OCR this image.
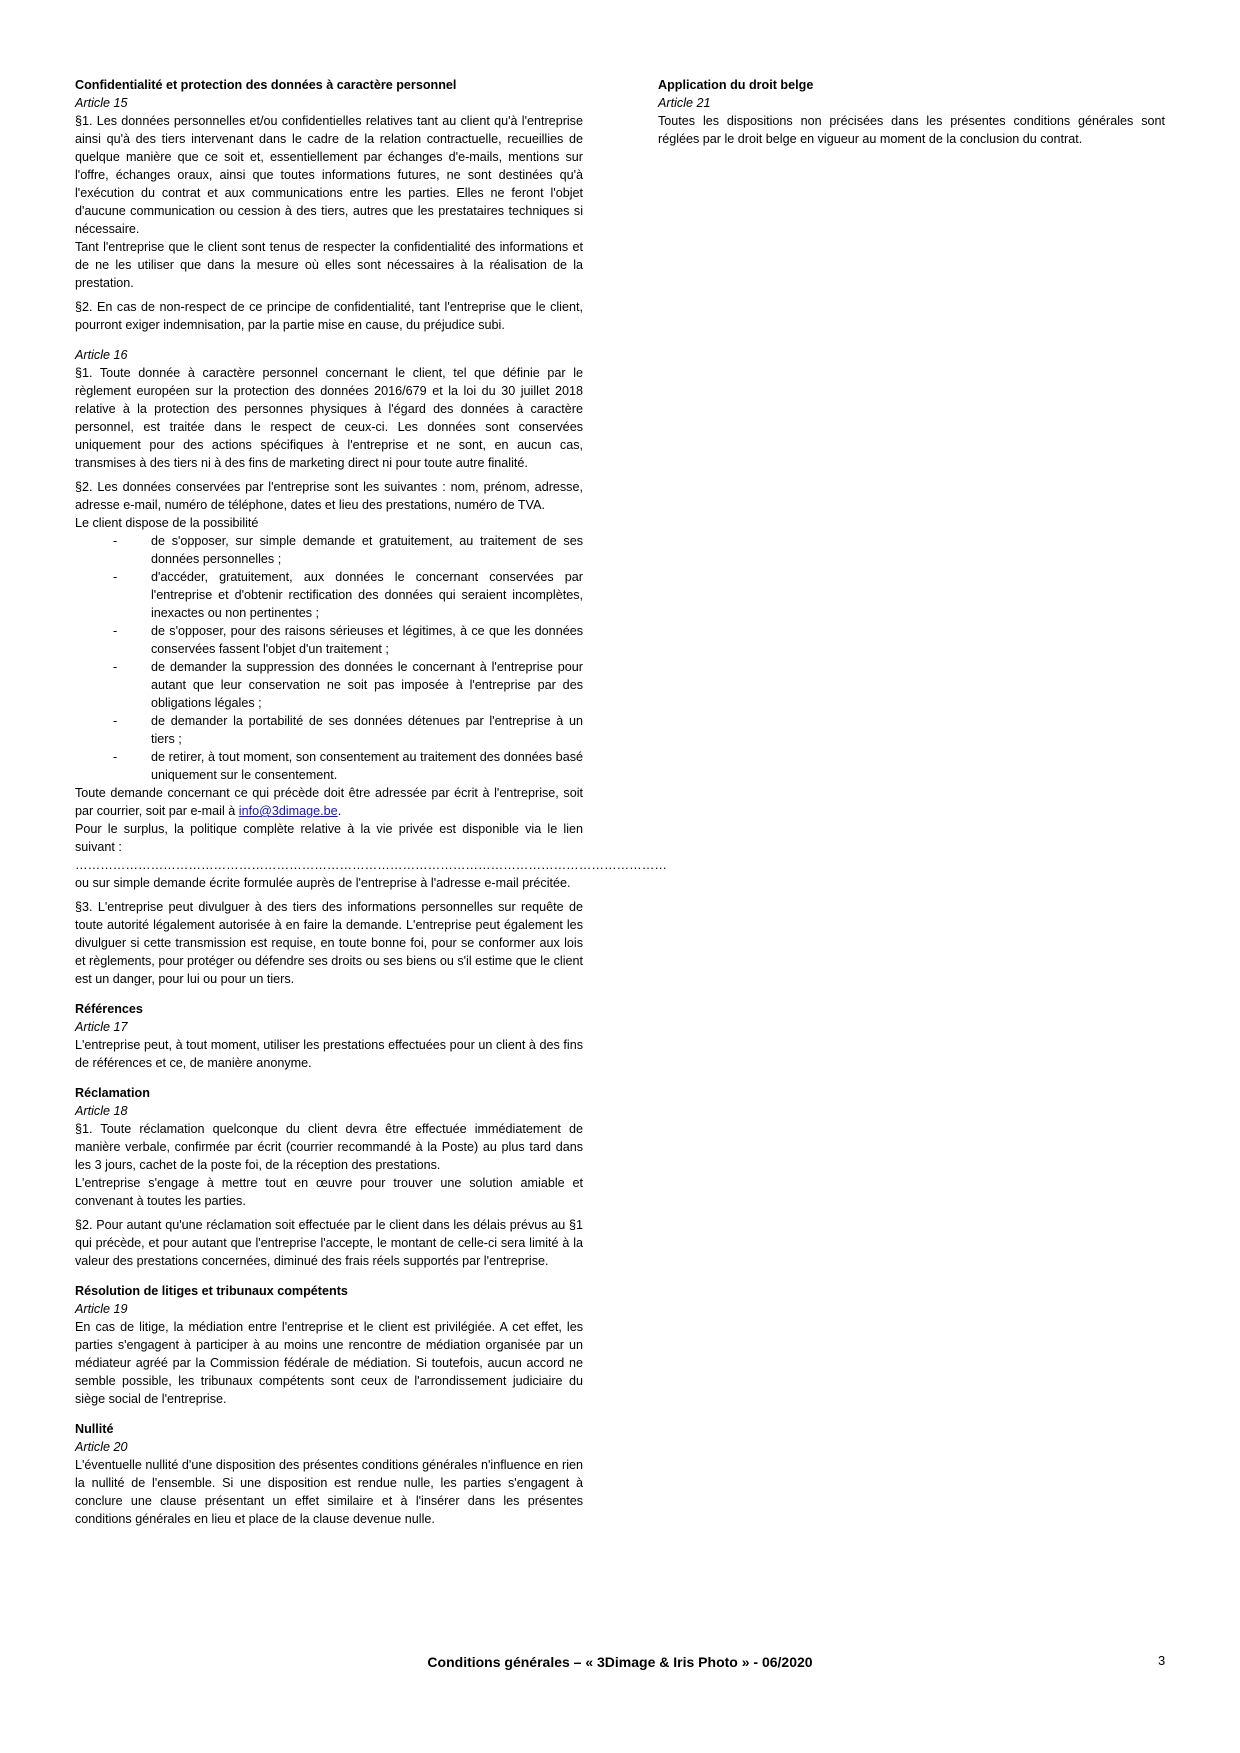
Confidentialité et protection des données à caractère personnel

Article 15

§1. Les données personnelles et/ou confidentielles relatives tant au client qu'à l'entreprise ainsi qu'à des tiers intervenant dans le cadre de la relation contractuelle, recueillies de quelque manière que ce soit et, essentiellement par échanges d'e-mails, mentions sur l'offre, échanges oraux, ainsi que toutes informations futures, ne sont destinées qu'à l'exécution du contrat et aux communications entre les parties. Elles ne feront l'objet d'aucune communication ou cession à des tiers, autres que les prestataires techniques si nécessaire.

Tant l'entreprise que le client sont tenus de respecter la confidentialité des informations et de ne les utiliser que dans la mesure où elles sont nécessaires à la réalisation de la prestation.

§2. En cas de non-respect de ce principe de confidentialité, tant l'entreprise que le client, pourront exiger indemnisation, par la partie mise en cause, du préjudice subi.

Article 16

§1. Toute donnée à caractère personnel concernant le client, tel que définie par le règlement européen sur la protection des données 2016/679 et la loi du 30 juillet 2018 relative à la protection des personnes physiques à l'égard des données à caractère personnel, est traitée dans le respect de ceux-ci. Les données sont conservées uniquement pour des actions spécifiques à l'entreprise et ne sont, en aucun cas, transmises à des tiers ni à des fins de marketing direct ni pour toute autre finalité.

§2. Les données conservées par l'entreprise sont les suivantes : nom, prénom, adresse, adresse e-mail, numéro de téléphone, dates et lieu des prestations, numéro de TVA.

Le client dispose de la possibilité

-	de s'opposer, sur simple demande et gratuitement, au traitement de ses données personnelles ;
-	d'accéder, gratuitement, aux données le concernant conservées par l'entreprise et d'obtenir rectification des données qui seraient incomplètes, inexactes ou non pertinentes ;
-	de s'opposer, pour des raisons sérieuses et légitimes, à ce que les données conservées fassent l'objet d'un traitement ;
-	de demander la suppression des données le concernant à l'entreprise pour autant que leur conservation ne soit pas imposée à l'entreprise par des obligations légales ;
-	de demander la portabilité de ses données détenues par l'entreprise à un tiers ;
-	de retirer, à tout moment, son consentement au traitement des données basé uniquement sur le consentement.

Toute demande concernant ce qui précède doit être adressée par écrit à l'entreprise, soit par courrier, soit par e-mail à info@3dimage.be.

Pour le surplus, la politique complète relative à la vie privée est disponible via le lien suivant :

……………………………………………………………………………………………………………………………

ou sur simple demande écrite formulée auprès de l'entreprise à l'adresse e-mail précitée.

§3. L'entreprise peut divulguer à des tiers des informations personnelles sur requête de toute autorité légalement autorisée à en faire la demande. L'entreprise peut également les divulguer si cette transmission est requise, en toute bonne foi, pour se conformer aux lois et règlements, pour protéger ou défendre ses droits ou ses biens ou s'il estime que le client est un danger, pour lui ou pour un tiers.

Références

Article 17

L'entreprise peut, à tout moment, utiliser les prestations effectuées pour un client à des fins de références et ce, de manière anonyme.

Réclamation

Article 18

§1. Toute réclamation quelconque du client devra être effectuée immédiatement de manière verbale, confirmée par écrit (courrier recommandé à la Poste) au plus tard dans les 3 jours, cachet de la poste foi, de la réception des prestations.

L'entreprise s'engage à mettre tout en œuvre pour trouver une solution amiable et convenant à toutes les parties.

§2. Pour autant qu'une réclamation soit effectuée par le client dans les délais prévus au §1 qui précède, et pour autant que l'entreprise l'accepte, le montant de celle-ci sera limité à la valeur des prestations concernées, diminué des frais réels supportés par l'entreprise.

Résolution de litiges et tribunaux compétents

Article 19

En cas de litige, la médiation entre l'entreprise et le client est privilégiée. A cet effet, les parties s'engagent à participer à au moins une rencontre de médiation organisée par un médiateur agréé par la Commission fédérale de médiation. Si toutefois, aucun accord ne semble possible, les tribunaux compétents sont ceux de l'arrondissement judiciaire du siège social de l'entreprise.

Nullité

Article 20

L'éventuelle nullité d'une disposition des présentes conditions générales n'influence en rien la nullité de l'ensemble. Si une disposition est rendue nulle, les parties s'engagent à conclure une clause présentant un effet similaire et à l'insérer dans les présentes conditions générales en lieu et place de la clause devenue nulle.

Application du droit belge

Article 21

Toutes les dispositions non précisées dans les présentes conditions générales sont réglées par le droit belge en vigueur au moment de la conclusion du contrat.

Conditions générales – « 3Dimage & Iris Photo » - 06/2020	3
